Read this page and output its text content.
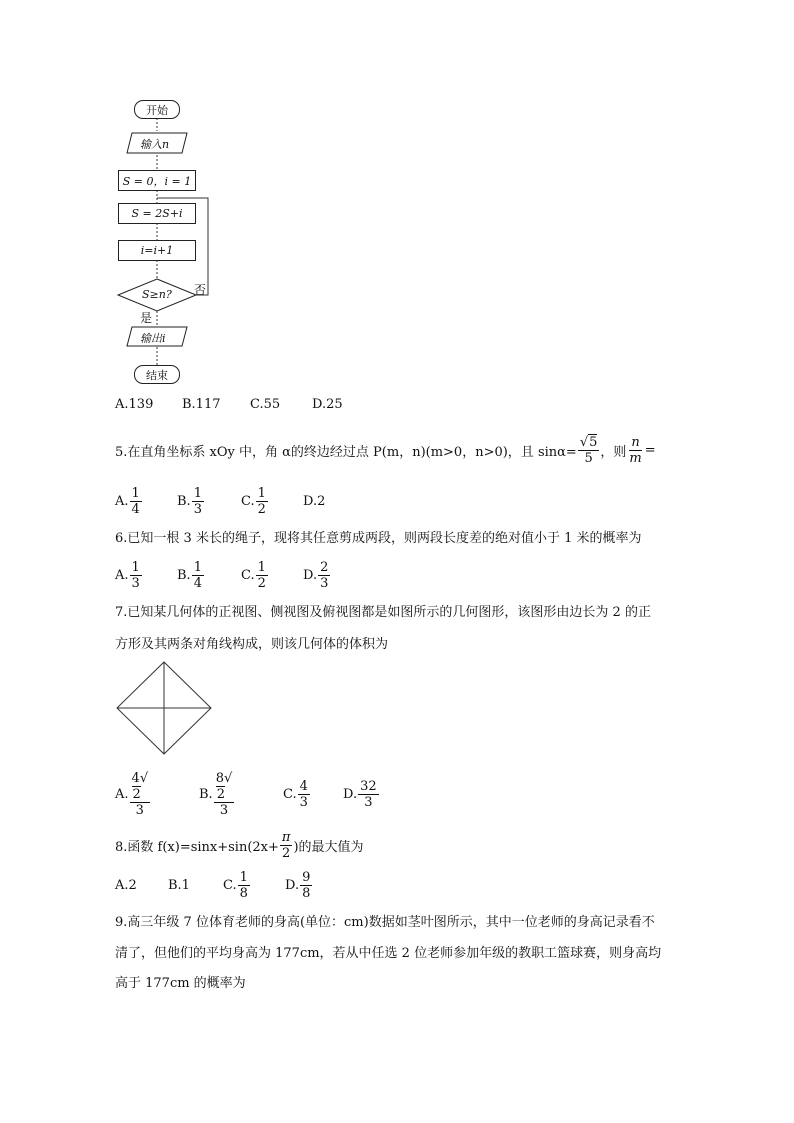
开始
输入n
S = 0，i = 1
S = 2S+i
i=i+1
S≥n? 否
是
输出i
结束
A.139 B.117 C.55 D.25
5.在直角坐标系 xOy 中，角 α的终边经过点 P(m，n)(m>0，n>0)，且 $\sin\alpha= \frac{√5}{5}$ ，则 $\frac{n}{m}$ =
A. $\frac{1}{4}$	B. $\frac{1}{3}$	C. $\frac{1}{2}$	D.2
6.已知一根 3 米长的绳子，现将其任意剪成两段，则两段长度差的绝对值小于 1 米的概率为
A. $\frac{1}{3}$	B. $\frac{1}{4}$	C. $\frac{1}{2}$	D. $\frac{2}{3}$
7.已知某几何体的正视图、侧视图及俯视图都是如图所示的几何图形，该图形由边长为 2 的正
方形及其两条对角线构成，则该几何体的体积为
A. $\frac{4√2}{3}$	B. $\frac{8√2}{3}$	C. $\frac{4}{3}$	D. $\frac{32}{3}$
8.函数 $f(x)=\sin x+\sin(2x+ \frac{\pi}{2}$ )的最大值为
A.2 B.1	C. $\frac{1}{8}$	D. $\frac{9}{8}$
9.高三年级 7 位体育老师的身高(单位：cm)数据如茎叶图所示，其中一位老师的身高记录看不
清了，但他们的平均身高为 177cm，若从中任选 2 位老师参加年级的教职工篮球赛，则身高均
高于 177cm 的概率为
